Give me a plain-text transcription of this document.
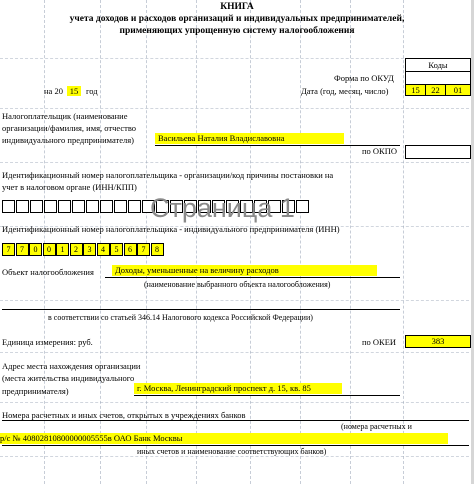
КНИГА
учета доходов и расходов организаций и индивидуальных предпринимателей,
применяющих упрощенную систему налогообложения
Коды
Форма по ОКУД
Дата (год, месяц, число)	15	22	01
на 20 15 год
Налогоплательщик (наименование
организации/фамилия, имя, отчество
индивидуального предпринимателя)	Васильева Наталия Владиславовна
по ОКПО
Идентификационный номер налогоплательщика - организации/код причины постановки на
учет в налоговом органе (ИНН/КПП)
Страница 1
Идентификационный номер налогоплательщика - индивидуального предпринимателя (ИНН)
7	7	0	0	1	2	3	4	5	6	7	8
Объект налогообложения	Доходы, уменьшенные на величину расходов
(наименование выбранного объекта налогообложения)
в соответствии со статьей 346.14 Налогового кодекса Российской Федерации)
Единица измерения: руб.	по ОКЕИ	383
Адрес места нахождения организации
(места жительства индивидуального
предпринимателя)	г. Москва, Ленинградский проспект д. 15, кв. 85
Номера расчетных и иных счетов, открытых в учреждениях банков
(номера расчетных и
р/с № 40802810800000005555в ОАО Банк Москвы
иных счетов и наименование соответствующих банков)
